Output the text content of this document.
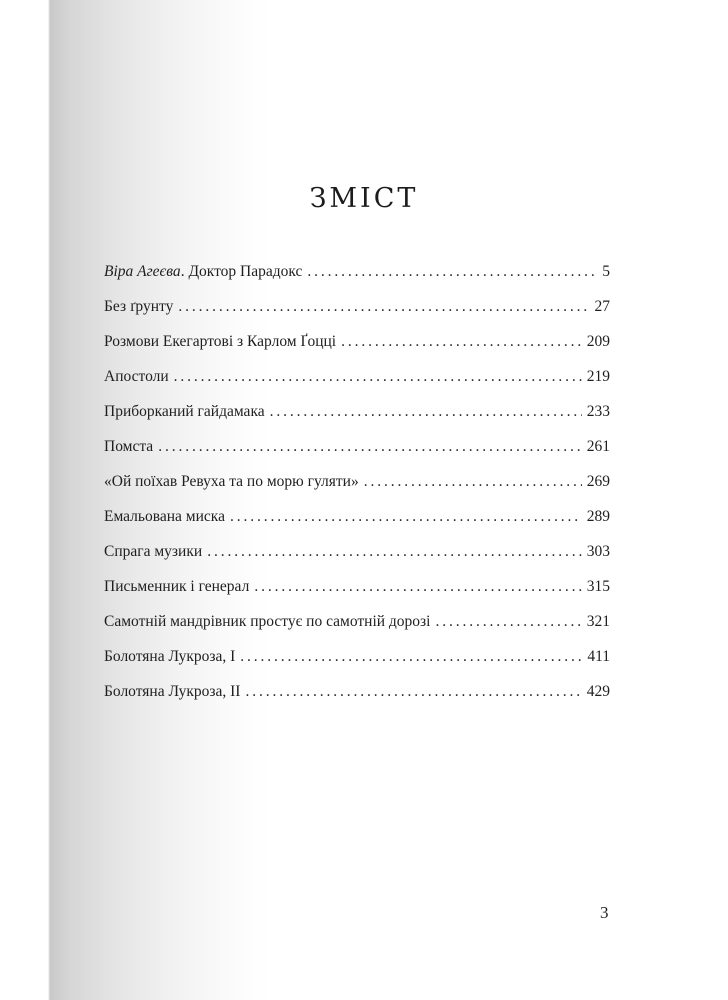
ЗМІСТ
Віра Агеєва. Доктор Парадокс . . .	5
Без ґрунту . . .	27
Розмови Екегартові з Карлом Ґоцці . . .	209
Апостоли . . .	219
Приборканий гайдамака . . .	233
Помста . . .	261
«Ой поїхав Ревуха та по морю гуляти» . . .	269
Емальована миска . . .	289
Спрага музики . . .	303
Письменник і генерал . . .	315
Самотній мандрівник простує по самотній дорозі . . .	321
Болотяна Лукроза, І . . .	411
Болотяна Лукроза, ІІ . . .	429
3
